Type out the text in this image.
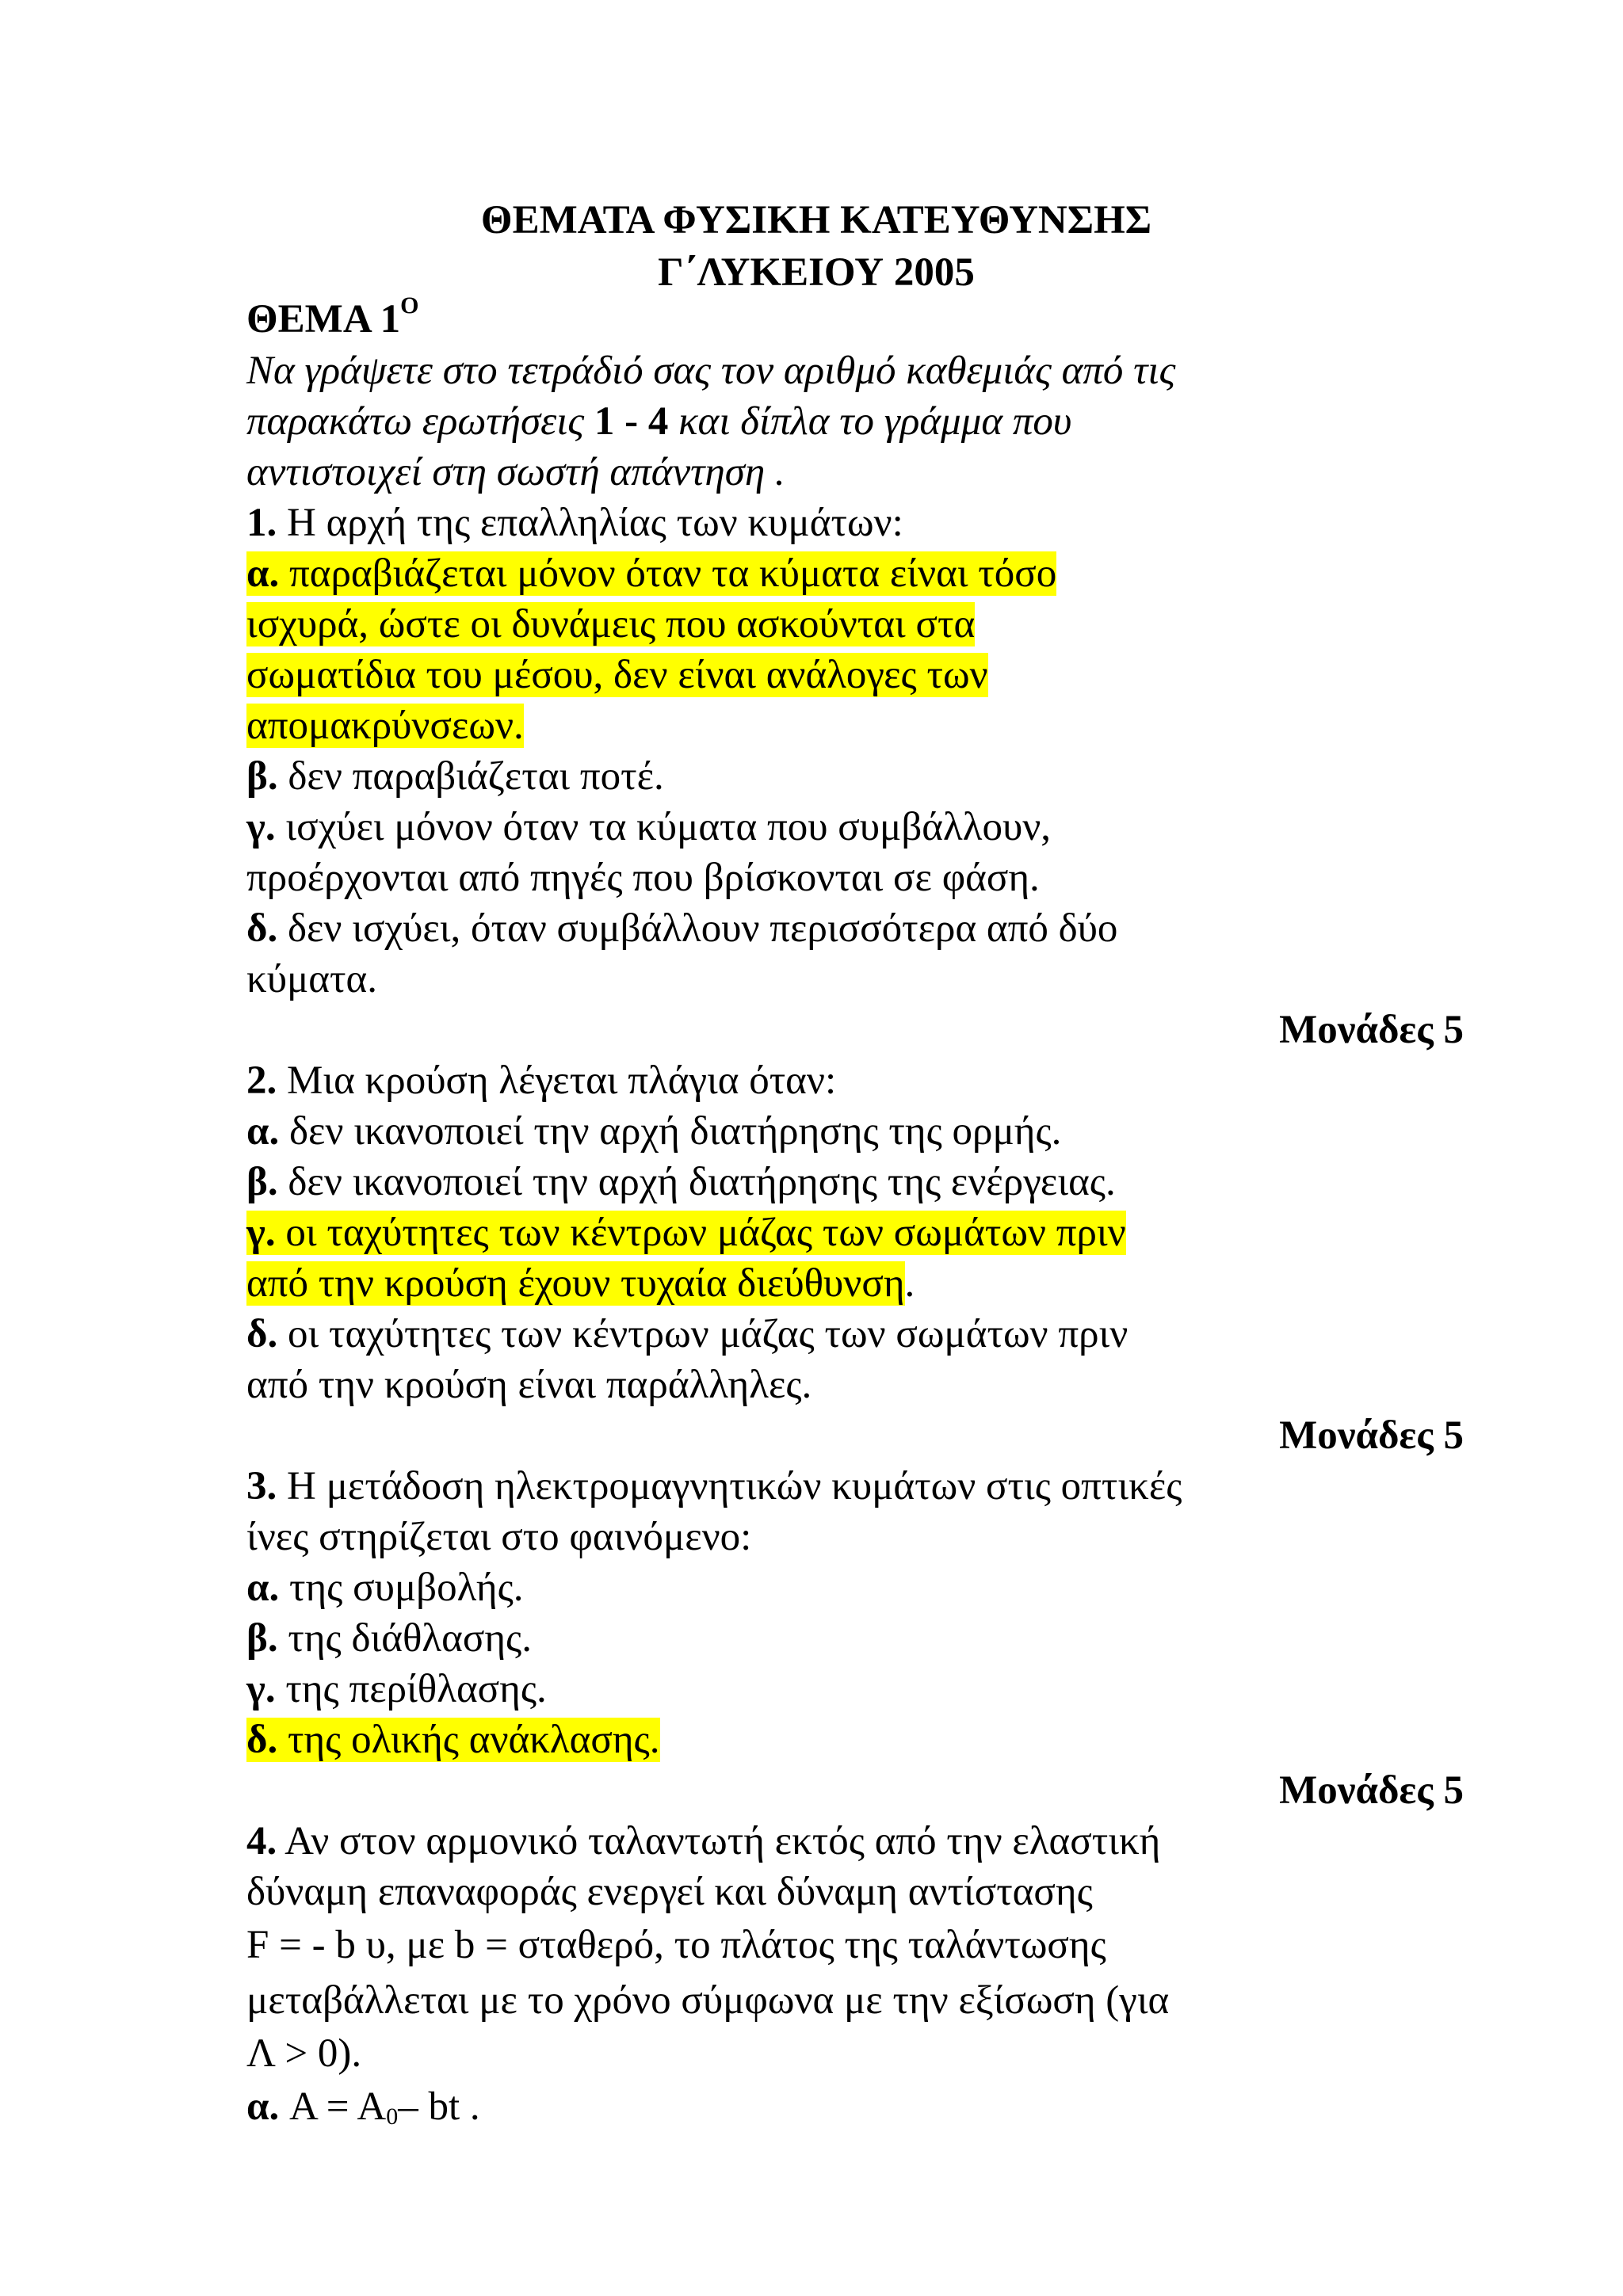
ΘΕΜΑΤΑ ΦΥΣΙΚΗ ΚΑΤΕΥΘΥΝΣΗΣ
Γ΄ΛΥΚΕΙΟΥ 2005
ΘΕΜΑ $1^O$
Να γράψετε στο τετράδιό σας τον αριθμό καθεμιάς από τις
παρακάτω ερωτήσεις 1 - 4 και δίπλα το γράμμα που
αντιστοιχεί στη σωστή απάντηση .
1. Η αρχή της επαλληλίας των κυμάτων:
α. παραβιάζεται μόνον όταν τα κύματα είναι τόσο
ισχυρά, ώστε οι δυνάμεις που ασκούνται στα
σωματίδια του μέσου, δεν είναι ανάλογες των
απομακρύνσεων.
β. δεν παραβιάζεται ποτέ.
γ. ισχύει μόνον όταν τα κύματα που συμβάλλουν,
προέρχονται από πηγές που βρίσκονται σε φάση.
δ. δεν ισχύει, όταν συμβάλλουν περισσότερα από δύο
κύματα.
Μονάδες 5
2. Μια κρούση λέγεται πλάγια όταν:
α. δεν ικανοποιεί την αρχή διατήρησης της ορμής.
β. δεν ικανοποιεί την αρχή διατήρησης της ενέργειας.
γ. οι ταχύτητες των κέντρων μάζας των σωμάτων πριν
από την κρούση έχουν τυχαία διεύθυνση.
δ. οι ταχύτητες των κέντρων μάζας των σωμάτων πριν
από την κρούση είναι παράλληλες.
Μονάδες 5
3. Η μετάδοση ηλεκτρομαγνητικών κυμάτων στις οπτικές
ίνες στηρίζεται στο φαινόμενο:
α. της συμβολής.
β. της διάθλασης.
γ. της περίθλασης.
δ. της ολικής ανάκλασης.
Μονάδες 5
4. Αν στον αρμονικό ταλαντωτή εκτός από την ελαστική
δύναμη επαναφοράς ενεργεί και δύναμη αντίστασης
F = - b υ, με b = σταθερό, το πλάτος της ταλάντωσης
μεταβάλλεται με το χρόνο σύμφωνα με την εξίσωση (για
Λ > 0).
α. $A = A_0-$ bt .
